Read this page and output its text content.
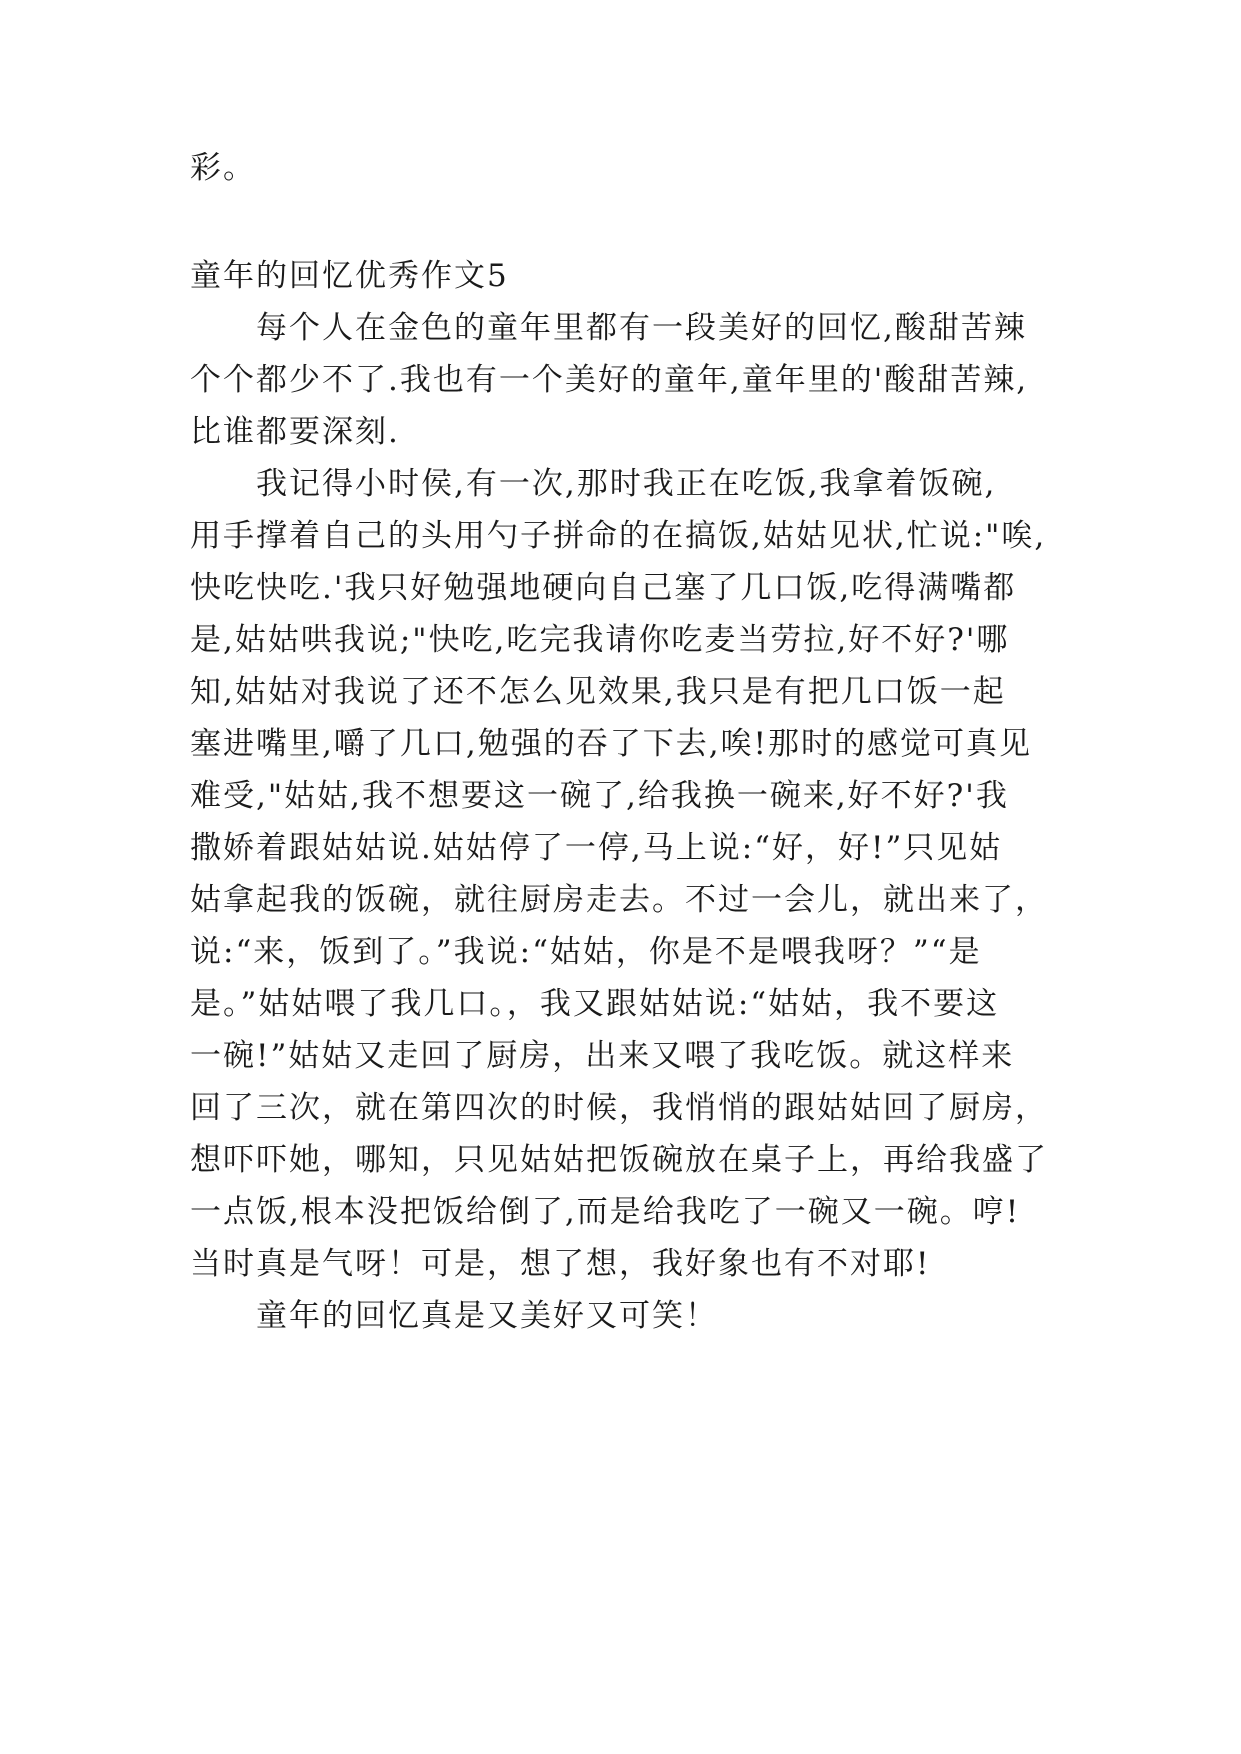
彩。
童年的回忆优秀作文5
每个人在金色的童年里都有一段美好的回忆,酸甜苦辣
个个都少不了.我也有一个美好的童年,童年里的'酸甜苦辣,
比谁都要深刻.
我记得小时侯,有一次,那时我正在吃饭,我拿着饭碗,
用手撑着自己的头用勺子拼命的在搞饭,姑姑见状,忙说:"唉,
快吃快吃.'我只好勉强地硬向自己塞了几口饭,吃得满嘴都
是,姑姑哄我说;"快吃,吃完我请你吃麦当劳拉,好不好?'哪
知,姑姑对我说了还不怎么见效果,我只是有把几口饭一起
塞进嘴里,嚼了几口,勉强的吞了下去,唉!那时的感觉可真见
难受,"姑姑,我不想要这一碗了,给我换一碗来,好不好?'我
撒娇着跟姑姑说.姑姑停了一停,马上说:“好，好!”只见姑
姑拿起我的饭碗，就往厨房走去。不过一会儿，就出来了，
说:“来，饭到了。”我说:“姑姑，你是不是喂我呀？”“是
是。”姑姑喂了我几口。，我又跟姑姑说:“姑姑，我不要这
一碗!”姑姑又走回了厨房，出来又喂了我吃饭。就这样来
回了三次，就在第四次的时候，我悄悄的跟姑姑回了厨房，
想吓吓她，哪知，只见姑姑把饭碗放在桌子上，再给我盛了
一点饭,根本没把饭给倒了,而是给我吃了一碗又一碗。哼!
当时真是气呀！可是，想了想，我好象也有不对耶!
童年的回忆真是又美好又可笑！
